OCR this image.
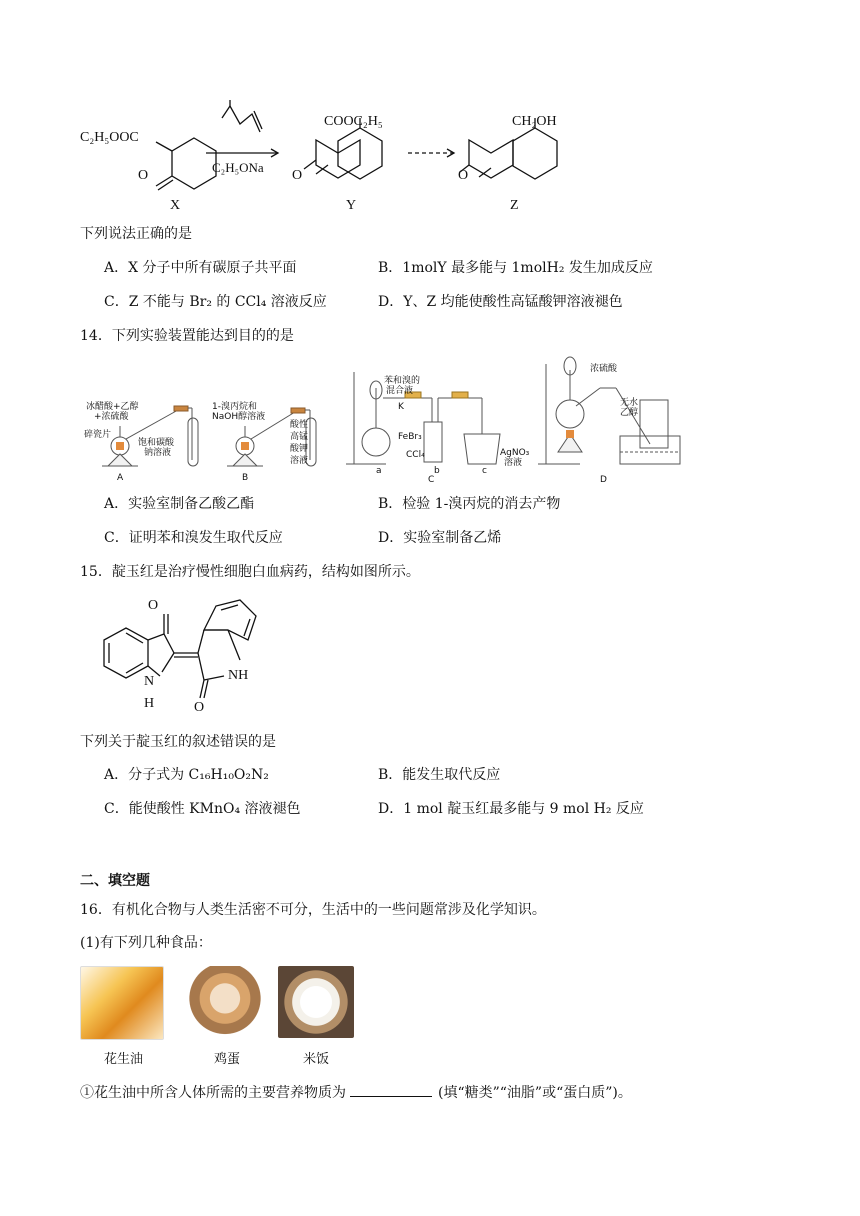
C₂H₅OOC
O
C₂H₅ONa
COOC₂H₅
O
CH₂OH
O
X	Y	Z
下列说法正确的是
A．X 分子中所有碳原子共平面	B．1molY 最多能与 1molH₂ 发生加成反应
C．Z 不能与 Br₂ 的 CCl₄ 溶液反应	D．Y、Z 均能使酸性高锰酸钾溶液褪色
14．下列实验装置能达到目的的是
冰醋酸+乙醇
+浓硫酸
碎瓷片
饱和碳酸
钠溶液
A
1-溴丙烷和
NaOH醇溶液
酸性
高锰
酸钾
溶液
B
苯和溴的
混合液
K
FeBr₃
CCl₄	AgNO₃
溶液
a	b	c
C
浓硫酸
无水
乙醇
D
A．实验室制备乙酸乙酯	B．检验 1-溴丙烷的消去产物
C．证明苯和溴发生取代反应	D．实验室制备乙烯
15．靛玉红是治疗慢性细胞白血病药，结构如图所示。
O
N
H
NH
O
下列关于靛玉红的叙述错误的是
A．分子式为 C₁₆H₁₀O₂N₂	B．能发生取代反应
C．能使酸性 KMnO₄ 溶液褪色	D．1 mol 靛玉红最多能与 9 mol H₂ 反应
二、填空题
16．有机化合物与人类生活密不可分，生活中的一些问题常涉及化学知识。
(1)有下列几种食品：
花生油	鸡蛋	米饭
①花生油中所含人体所需的主要营养物质为	(填“糖类”“油脂”或“蛋白质”)。
